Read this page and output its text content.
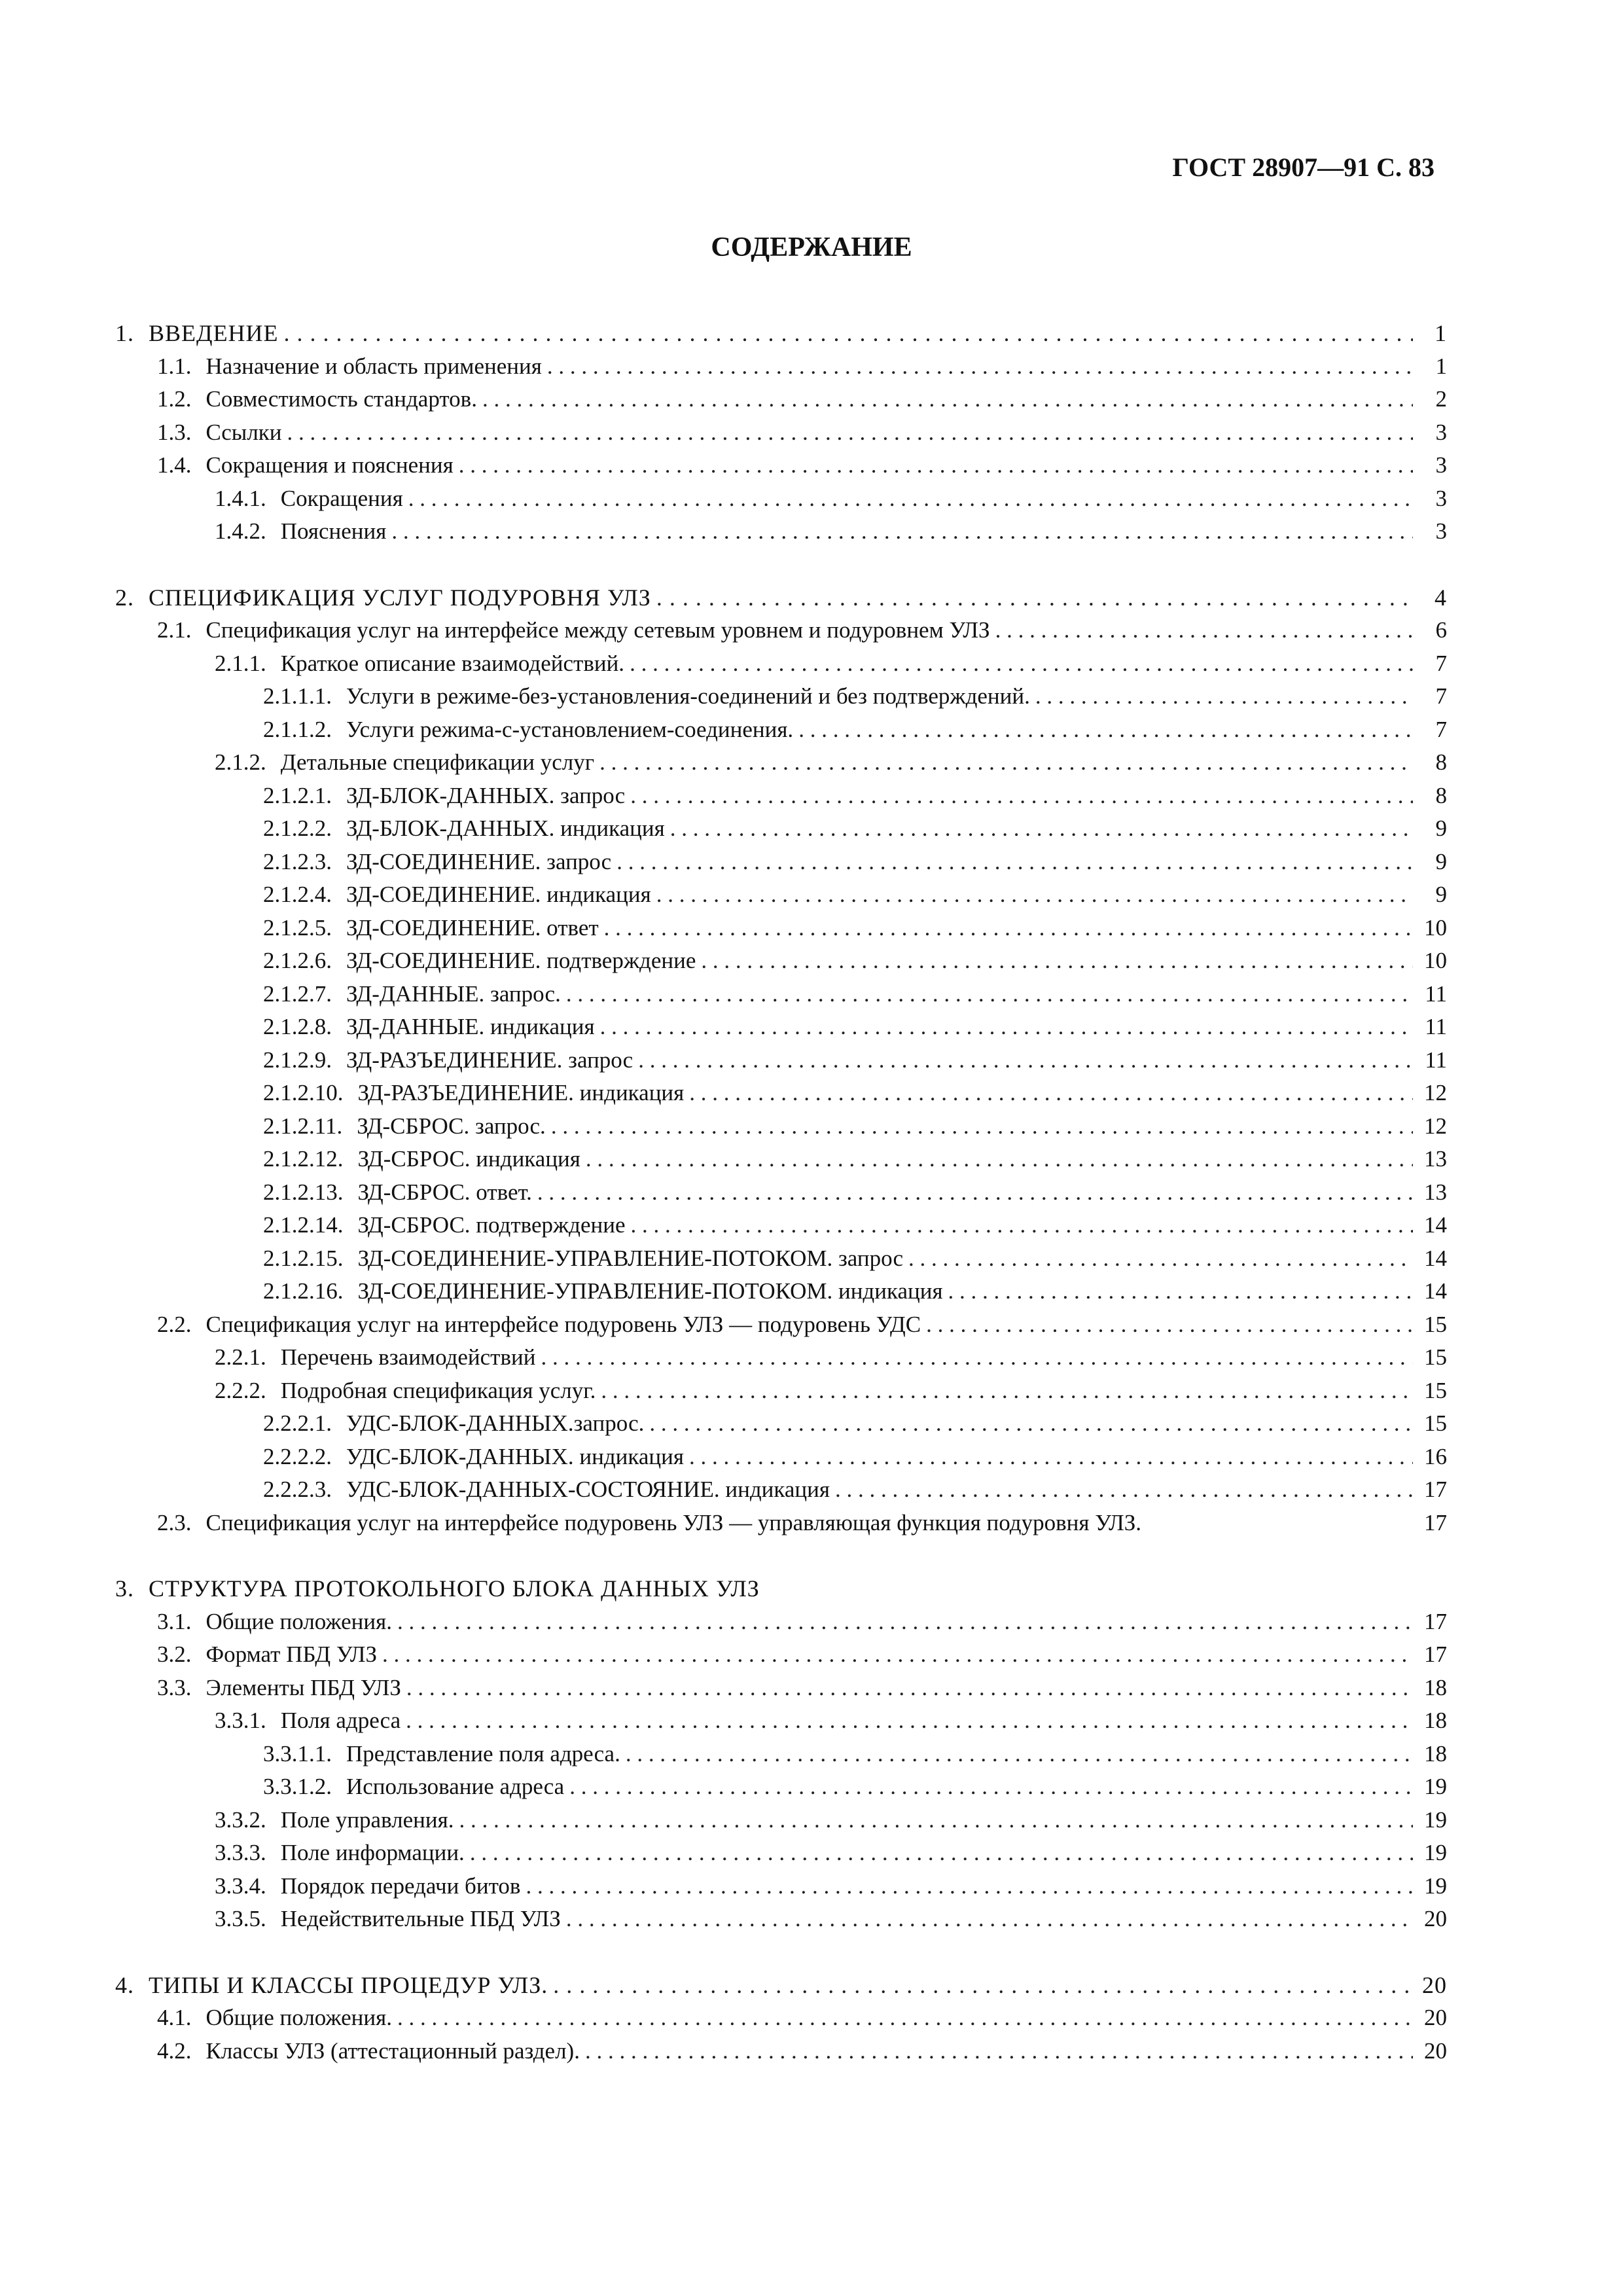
ГОСТ 28907—91 С. 83
СОДЕРЖАНИЕ
1. ВВЕДЕНИЕ . . .	1
1.1. Назначение и область применения . . .	1
1.2. Совместимость стандартов. . . .	2
1.3. Ссылки . . .	3
1.4. Сокращения и пояснения . . .	3
1.4.1. Сокращения . . .	3
1.4.2. Пояснения . . .	3
2. СПЕЦИФИКАЦИЯ УСЛУГ ПОДУРОВНЯ УЛЗ . . .	4
2.1. Спецификация услуг на интерфейсе между сетевым уровнем и подуровнем УЛЗ . . .	6
2.1.1. Краткое описание взаимодействий. . . .	7
2.1.1.1. Услуги в режиме-без-установления-соединений и без подтверждений. . . .	7
2.1.1.2. Услуги режима-с-установлением-соединения. . . .	7
2.1.2. Детальные спецификации услуг . . .	8
2.1.2.1. ЗД-БЛОК-ДАННЫХ. запрос . . .	8
2.1.2.2. ЗД-БЛОК-ДАННЫХ. индикация . . .	9
2.1.2.3. ЗД-СОЕДИНЕНИЕ. запрос . . .	9
2.1.2.4. ЗД-СОЕДИНЕНИЕ. индикация . . .	9
2.1.2.5. ЗД-СОЕДИНЕНИЕ. ответ . . .	10
2.1.2.6. ЗД-СОЕДИНЕНИЕ. подтверждение . . .	10
2.1.2.7. ЗД-ДАННЫЕ. запрос. . . .	11
2.1.2.8. ЗД-ДАННЫЕ. индикация . . .	11
2.1.2.9. ЗД-РАЗЪЕДИНЕНИЕ. запрос . . .	11
2.1.2.10. ЗД-РАЗЪЕДИНЕНИЕ. индикация . . .	12
2.1.2.11. ЗД-СБРОС. запрос. . . .	12
2.1.2.12. ЗД-СБРОС. индикация . . .	13
2.1.2.13. ЗД-СБРОС. ответ. . . .	13
2.1.2.14. ЗД-СБРОС. подтверждение . . .	14
2.1.2.15. ЗД-СОЕДИНЕНИЕ-УПРАВЛЕНИЕ-ПОТОКОМ. запрос . . .	14
2.1.2.16. ЗД-СОЕДИНЕНИЕ-УПРАВЛЕНИЕ-ПОТОКОМ. индикация . . .	14
2.2. Спецификация услуг на интерфейсе подуровень УЛЗ — подуровень УДС . . .	15
2.2.1. Перечень взаимодействий . . .	15
2.2.2. Подробная спецификация услуг. . . .	15
2.2.2.1. УДС-БЛОК-ДАННЫХ.запрос. . . .	15
2.2.2.2. УДС-БЛОК-ДАННЫХ. индикация . . .	16
2.2.2.3. УДС-БЛОК-ДАННЫХ-СОСТОЯНИЕ. индикация . . .	17
2.3. Спецификация услуг на интерфейсе подуровень УЛЗ — управляющая функция подуровня УЛЗ.	17
3. СТРУКТУРА ПРОТОКОЛЬНОГО БЛОКА ДАННЫХ УЛЗ
3.1. Общие положения. . . .	17
3.2. Формат ПБД УЛЗ . . .	17
3.3. Элементы ПБД УЛЗ . . .	18
3.3.1. Поля адреса . . .	18
3.3.1.1. Представление поля адреса. . . .	18
3.3.1.2. Использование адреса . . .	19
3.3.2. Поле управления. . . .	19
3.3.3. Поле информации. . . .	19
3.3.4. Порядок передачи битов . . .	19
3.3.5. Недействительные ПБД УЛЗ . . .	20
4. ТИПЫ И КЛАССЫ ПРОЦЕДУР УЛЗ. . . .	20
4.1. Общие положения. . . .	20
4.2. Классы УЛЗ (аттестационный раздел). . . .	20
